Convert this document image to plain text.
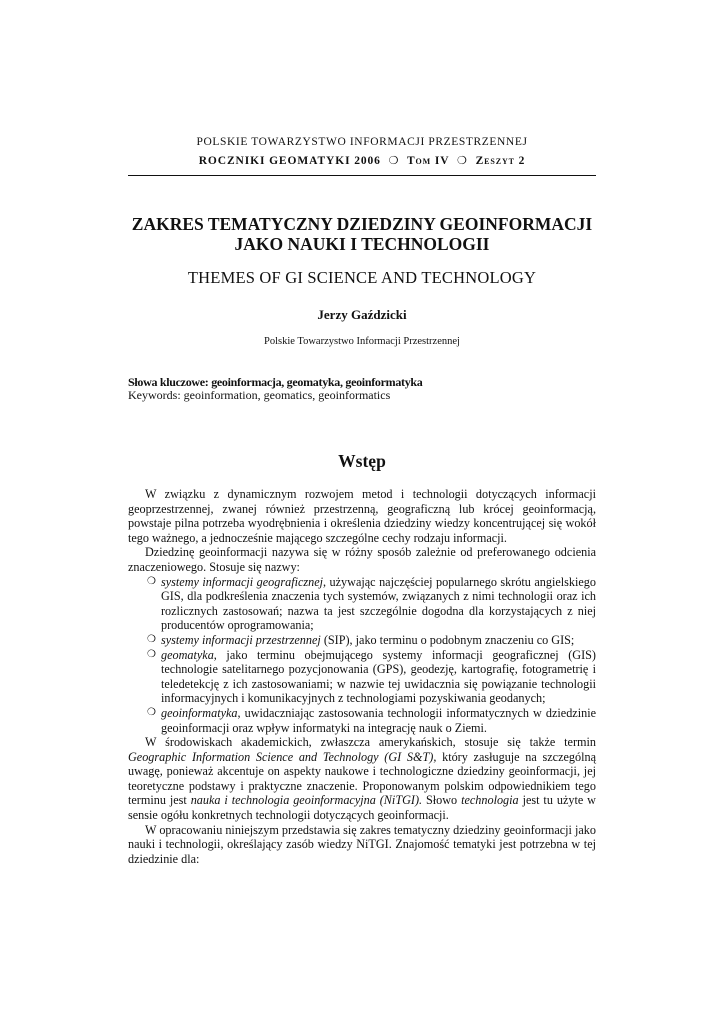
POLSKIE TOWARZYSTWO INFORMACJI PRZESTRZENNEJ
ROCZNIKI GEOMATYKI 2006 ❍ Tom IV ❍ Zeszyt 2
ZAKRES TEMATYCZNY DZIEDZINY GEOINFORMACJI
JAKO NAUKI I TECHNOLOGII
THEMES OF GI SCIENCE AND TECHNOLOGY
Jerzy Gaździcki
Polskie Towarzystwo Informacji Przestrzennej
Słowa kluczowe: geoinformacja, geomatyka, geoinformatyka
Keywords: geoinformation, geomatics, geoinformatics
Wstęp

W związku z dynamicznym rozwojem metod i technologii dotyczących informacji geoprzestrzennej, zwanej również przestrzenną, geograficzną lub krócej geoinformacją, powstaje pilna potrzeba wyodrębnienia i określenia dziedziny wiedzy koncentrującej się wokół tego ważnego, a jednocześnie mającego szczególne cechy rodzaju informacji.

Dziedzinę geoinformacji nazywa się w różny sposób zależnie od preferowanego odcienia znaczeniowego. Stosuje się nazwy:

❍ systemy informacji geograficznej, używając najczęściej popularnego skrótu angielskiego GIS, dla podkreślenia znaczenia tych systemów, związanych z nimi technologii oraz ich rozlicznych zastosowań; nazwa ta jest szczególnie dogodna dla korzystających z niej producentów oprogramowania;
❍ systemy informacji przestrzennej (SIP), jako terminu o podobnym znaczeniu co GIS;
❍ geomatyka, jako terminu obejmującego systemy informacji geograficznej (GIS) technologie satelitarnego pozycjonowania (GPS), geodezję, kartografię, fotogrametrię i teledetekcję z ich zastosowaniami; w nazwie tej uwidacznia się powiązanie technologii informacyjnych i komunikacyjnych z technologiami pozyskiwania geodanych;
❍ geoinformatyka, uwidaczniając zastosowania technologii informatycznych w dziedzinie geoinformacji oraz wpływ informatyki na integrację nauk o Ziemi.

W środowiskach akademickich, zwłaszcza amerykańskich, stosuje się także termin Geographic Information Science and Technology (GI S&T), który zasługuje na szczególną uwagę, ponieważ akcentuje on aspekty naukowe i technologiczne dziedziny geoinformacji, jej teoretyczne podstawy i praktyczne znaczenie. Proponowanym polskim odpowiednikiem tego terminu jest nauka i technologia geoinformacyjna (NiTGI). Słowo technologia jest tu użyte w sensie ogółu konkretnych technologii dotyczących geoinformacji.

W opracowaniu niniejszym przedstawia się zakres tematyczny dziedziny geoinformacji jako nauki i technologii, określający zasób wiedzy NiTGI. Znajomość tematyki jest potrzebna w tej dziedzinie dla:
